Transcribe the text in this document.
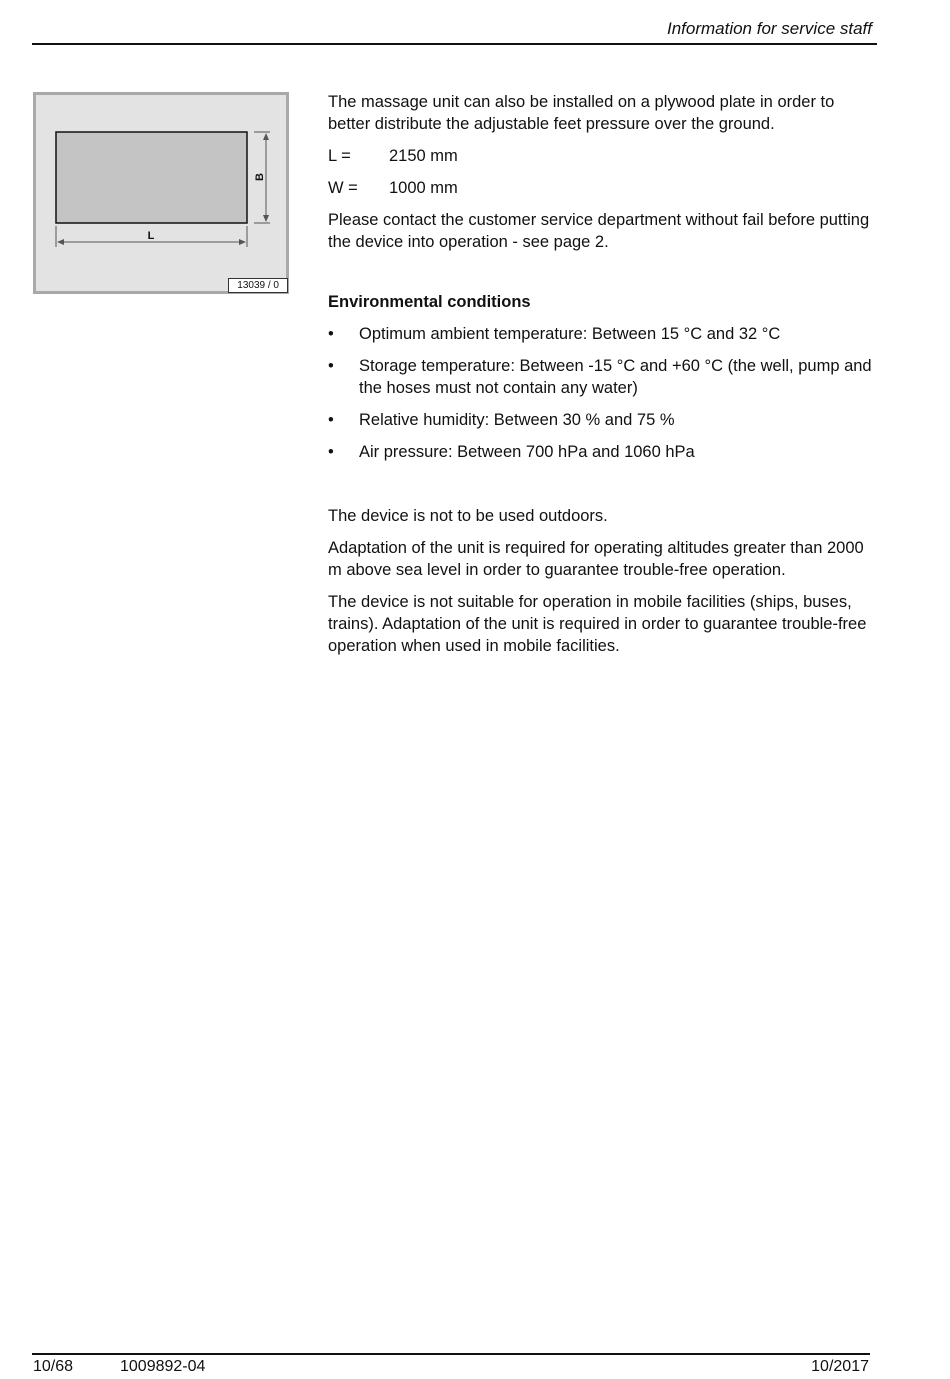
Information for service staff
B
L
13039 / 0

The massage unit can also be installed on a plywood plate in order to better distribute the adjustable feet pressure over the ground.

L =	2150 mm
W =	1000 mm

Please contact the customer service department without fail before putting the device into operation - see page 2.

Environmental conditions

• Optimum ambient temperature: Between 15 °C and 32 °C
• Storage temperature: Between -15 °C and +60 °C (the well, pump and the hoses must not contain any water)
• Relative humidity: Between 30 % and 75 %
• Air pressure: Between 700 hPa and 1060 hPa

The device is not to be used outdoors.

Adaptation of the unit is required for operating altitudes greater than 2000 m above sea level in order to guarantee trouble-free operation.

The device is not suitable for operation in mobile facilities (ships, buses, trains). Adaptation of the unit is required in order to guarantee trouble-free operation when used in mobile facilities.

10/68	1009892-04	10/2017
